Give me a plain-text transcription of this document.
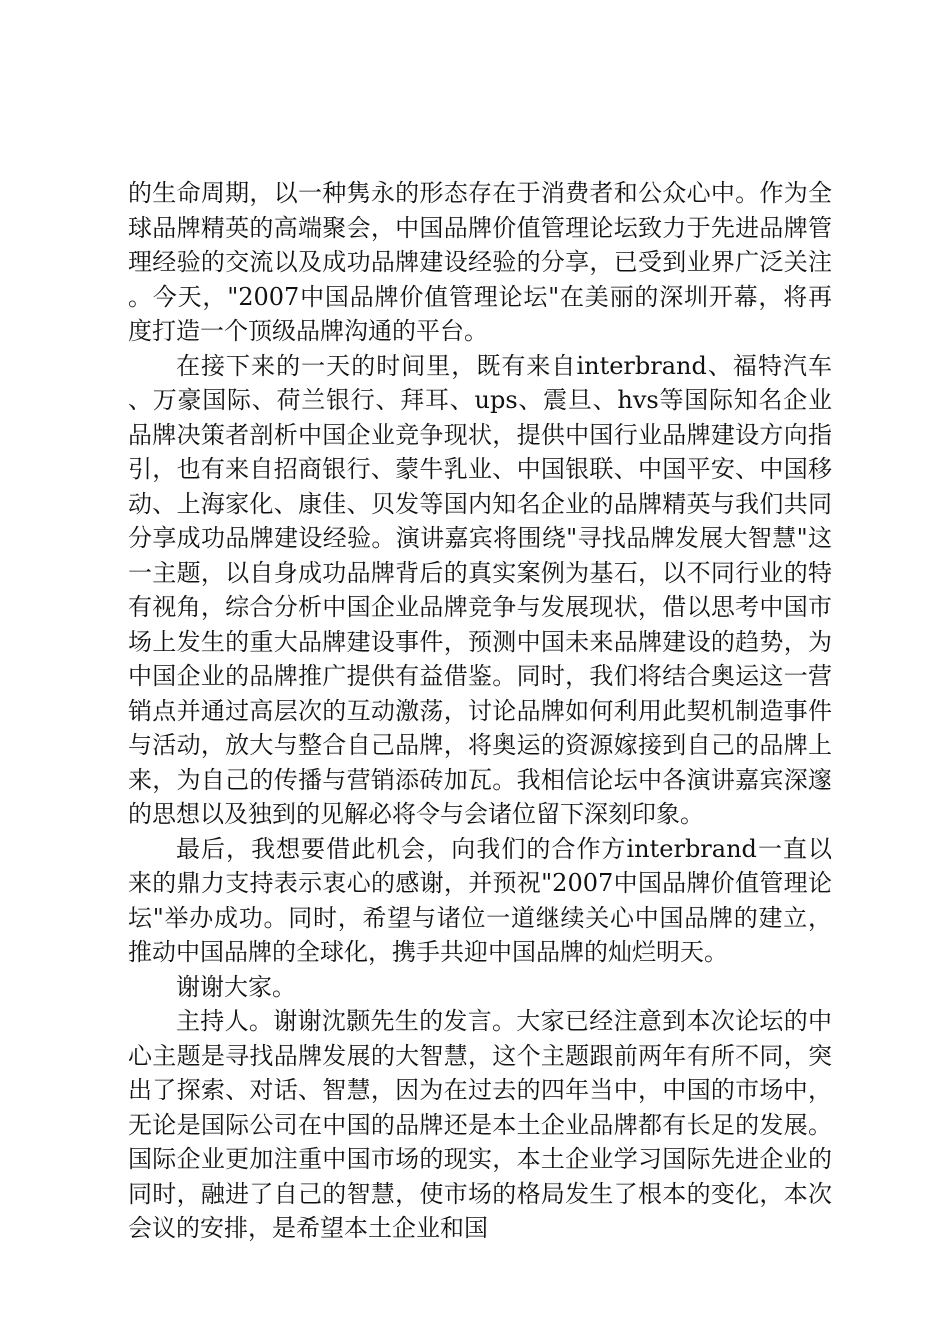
的生命周期，以一种隽永的形态存在于消费者和公众心中。作为全球品牌精英的高端聚会，中国品牌价值管理论坛致力于先进品牌管理经验的交流以及成功品牌建设经验的分享，已受到业界广泛关注。今天，"2007中国品牌价值管理论坛"在美丽的深圳开幕，将再度打造一个顶级品牌沟通的平台。

在接下来的一天的时间里，既有来自interbrand、福特汽车、万豪国际、荷兰银行、拜耳、ups、震旦、hvs等国际知名企业品牌决策者剖析中国企业竞争现状，提供中国行业品牌建设方向指引，也有来自招商银行、蒙牛乳业、中国银联、中国平安、中国移动、上海家化、康佳、贝发等国内知名企业的品牌精英与我们共同分享成功品牌建设经验。演讲嘉宾将围绕"寻找品牌发展大智慧"这一主题，以自身成功品牌背后的真实案例为基石，以不同行业的特有视角，综合分析中国企业品牌竞争与发展现状，借以思考中国市场上发生的重大品牌建设事件，预测中国未来品牌建设的趋势，为中国企业的品牌推广提供有益借鉴。同时，我们将结合奥运这一营销点并通过高层次的互动激荡，讨论品牌如何利用此契机制造事件与活动，放大与整合自己品牌，将奥运的资源嫁接到自己的品牌上来，为自己的传播与营销添砖加瓦。我相信论坛中各演讲嘉宾深邃的思想以及独到的见解必将令与会诸位留下深刻印象。

最后，我想要借此机会，向我们的合作方interbrand一直以来的鼎力支持表示衷心的感谢，并预祝"2007中国品牌价值管理论坛"举办成功。同时，希望与诸位一道继续关心中国品牌的建立，推动中国品牌的全球化，携手共迎中国品牌的灿烂明天。

谢谢大家。

主持人。谢谢沈颢先生的发言。大家已经注意到本次论坛的中心主题是寻找品牌发展的大智慧，这个主题跟前两年有所不同，突出了探索、对话、智慧，因为在过去的四年当中，中国的市场中，无论是国际公司在中国的品牌还是本土企业品牌都有长足的发展。国际企业更加注重中国市场的现实，本土企业学习国际先进企业的同时，融进了自己的智慧，使市场的格局发生了根本的变化，本次会议的安排，是希望本土企业和国
